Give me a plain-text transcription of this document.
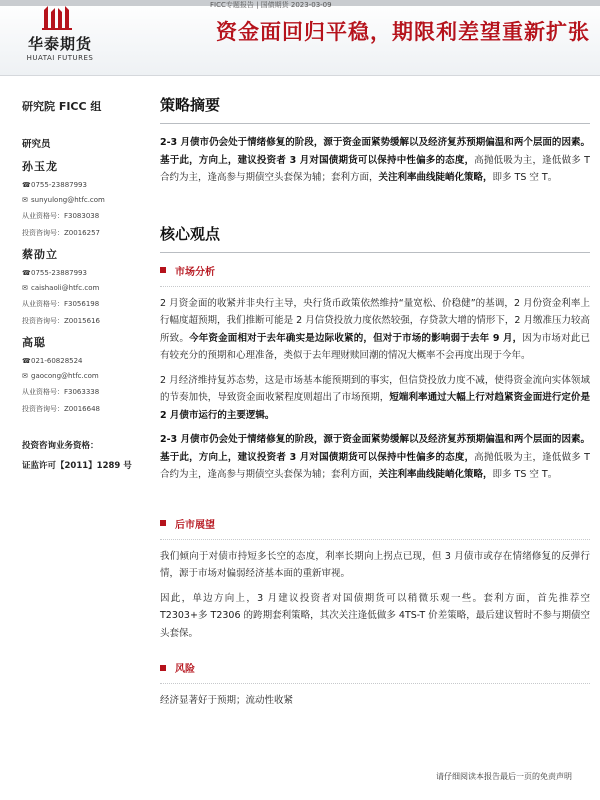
FICC专题报告 | 国债期货 2023-03-09
华泰期货
HUATAI FUTURES
资金面回归平稳，期限利差望重新扩张
研究院 FICC 组
研究员
孙玉龙
☎0755-23887993
✉ sunyulong@htfc.com
从业资格号：F3083038
投资咨询号：Z0016257
蔡劭立
☎0755-23887993
✉ caishaoli@htfc.com
从业资格号：F3056198
投资咨询号：Z0015616
高聪
☎021-60828524
✉ gaocong@htfc.com
从业资格号：F3063338
投资咨询号：Z0016648
投资咨询业务资格：
证监许可【2011】1289 号
策略摘要

2-3 月债市仍会处于情绪修复的阶段，源于资金面紧势缓解以及经济复苏预期偏温和两个层面的因素。基于此，方向上，建议投资者 3 月对国债期货可以保持中性偏多的态度，高抛低吸为主，逢低做多 T 合约为主，逢高参与期债空头套保为辅；套利方面，关注利率曲线陡峭化策略，即多 TS 空 T。

核心观点
市场分析

2 月资金面的收紧并非央行主导，央行货币政策依然维持“量宽松、价稳健”的基调，2 月份资金利率上行幅度超预期，我们推断可能是 2 月信贷投放力度依然较强，存贷款大增的情形下，2 月缴准压力较高所致。今年资金面相对于去年确实是边际收紧的，但对于市场的影响弱于去年 9 月，因为市场对此已有较充分的预期和心理准备，类似于去年理财赎回潮的情况大概率不会再度出现于今年。

2 月经济维持复苏态势，这是市场基本能预期到的事实，但信贷投放力度不减，使得资金流向实体领域的节奏加快，导致资金面收紧程度则超出了市场预期，短端利率通过大幅上行对趋紧资金面进行定价是 2 月债市运行的主要逻辑。

2-3 月债市仍会处于情绪修复的阶段，源于资金面紧势缓解以及经济复苏预期偏温和两个层面的因素。基于此，方向上，建议投资者 3 月对国债期货可以保持中性偏多的态度，高抛低吸为主，逢低做多 T 合约为主，逢高参与期债空头套保为辅；套利方面，关注利率曲线陡峭化策略，即多 TS 空 T。

后市展望

我们倾向于对债市持短多长空的态度，利率长期向上拐点已现，但 3 月债市或存在情绪修复的反弹行情，源于市场对偏弱经济基本面的重新审视。

因此，单边方向上，3 月建议投资者对国债期货可以稍微乐观一些。套利方面，首先推荐空 T2303+多 T2306 的跨期套利策略，其次关注逢低做多 4TS-T 价差策略，最后建议暂时不参与期债空头套保。

风险

经济显著好于预期；流动性收紧

请仔细阅读本报告最后一页的免责声明
